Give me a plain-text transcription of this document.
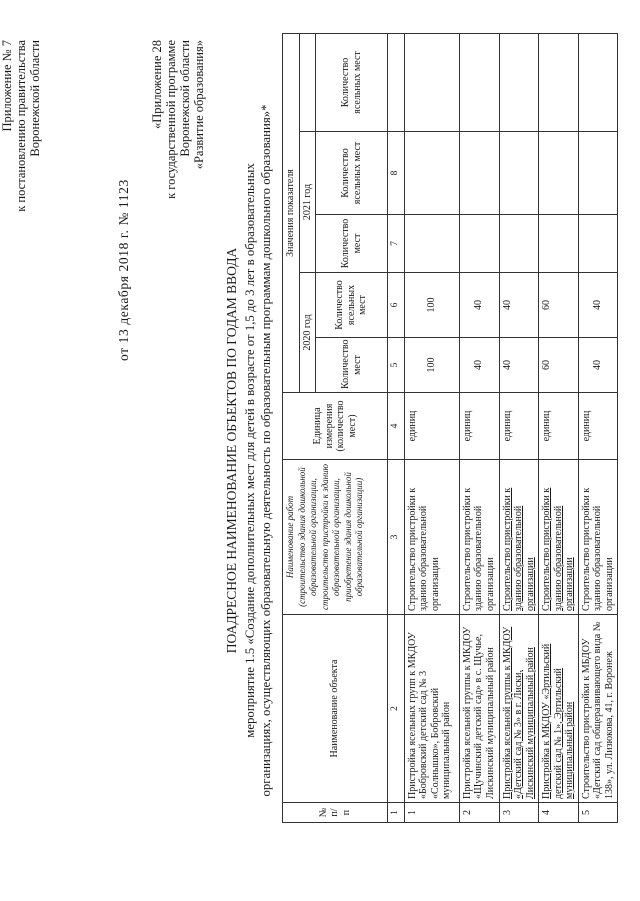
Приложение № 7 к постановлению правительства Воронежской области
от 13 декабря 2018 г. № 1123
«Приложение 28 к государственной программе Воронежской области «Развитие образования»
ПОАДРЕСНОЕ НАИМЕНОВАНИЕ ОБЪЕКТОВ ПО ГОДАМ ВВОДА мероприятие 1.5 «Создание дополнительных мест для детей в возрасте от 1,5 до 3 лет в образовательных организациях, осуществляющих образовательную деятельность по образовательным программам дошкольного образования»*
№ п/п	Наименование объекта	Наименование работ (строительство здания дошкольной образовательной организации, строительство пристройки к зданию образовательной организации, приобретение здания дошкольной образовательной организации)	Единица измерения (количество мест)	Значения показателя				
				2020 год		2021 год		
				Количество мест	Количество ясельных мест	Количество мест	Количество ясельных мест	Количество ясельных мест
1	2	3	4	5	6	7	8	
1	Пристройка ясельных групп к МКДОУ «Бобровский детский сад № 3 «Солнышко», Бобровский муниципальный район	Строительство пристройки к зданию образовательной организации	единиц	100	100			
2	Пристройка ясельной группы к МКДОУ «Щучинский детский сад» в с. Щучье, Лискинский муниципальный район	Строительство пристройки к зданию образовательной организации	единиц	40	40			
3	Пристройка ясельной группы к МКДОУ «Детский сад № 3» в г. Лиски, Лискинский муниципальный район	Строительство пристройки к зданию образовательной организации	единиц	40	40			
4	Пристройка к МКДОУ «Эртильский детский сад № 1», Эртильский муниципальный район	Строительство пристройки к зданию образовательной организации	единиц	60	60			
5	Строительство пристройки к МБДОУ «Детский сад общеразвивающего вида № 138», ул. Лизюкова, 41, г. Воронеж	Строительство пристройки к зданию образовательной организации	единиц	40	40			
